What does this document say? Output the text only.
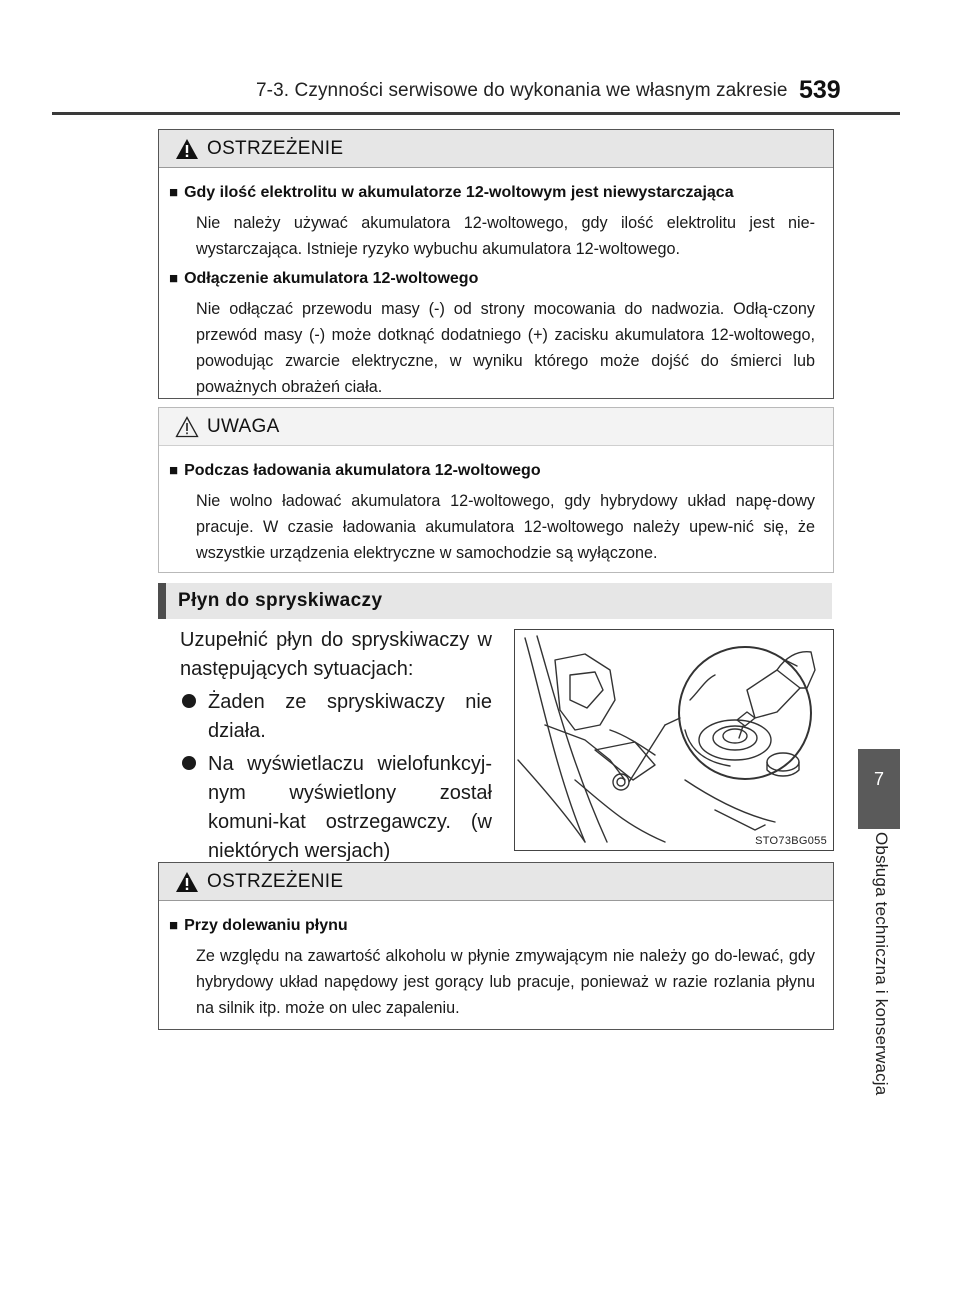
7-3. Czynności serwisowe do wykonania we własnym zakresie 539
7
Obsługa techniczna i konserwacja
OSTRZEŻENIE
■ Gdy ilość elektrolitu w akumulatorze 12-woltowym jest niewystarczająca

Nie należy używać akumulatora 12-woltowego, gdy ilość elektrolitu jest nie-wystarczająca. Istnieje ryzyko wybuchu akumulatora 12-woltowego.

■ Odłączenie akumulatora 12-woltowego

Nie odłączać przewodu masy (-) od strony mocowania do nadwozia. Odłą-czony przewód masy (-) może dotknąć dodatniego (+) zacisku akumulatora 12-woltowego, powodując zwarcie elektryczne, w wyniku którego może dojść do śmierci lub poważnych obrażeń ciała.

UWAGA
■ Podczas ładowania akumulatora 12-woltowego

Nie wolno ładować akumulatora 12-woltowego, gdy hybrydowy układ napę-dowy pracuje. W czasie ładowania akumulatora 12-woltowego należy upew-nić się, że wszystkie urządzenia elektryczne w samochodzie są wyłączone.

Płyn do spryskiwaczy

Uzupełnić płyn do spryskiwaczy w następujących sytuacjach:

Żaden ze spryskiwaczy nie działa.
Na wyświetlaczu wielofunkcyj-nym wyświetlony został komuni-kat ostrzegawczy. (w niektórych wersjach)	STO73BG055
OSTRZEŻENIE
■ Przy dolewaniu płynu

Ze względu na zawartość alkoholu w płynie zmywającym nie należy go do-lewać, gdy hybrydowy układ napędowy jest gorący lub pracuje, ponieważ w razie rozlania płynu na silnik itp. może on ulec zapaleniu.
